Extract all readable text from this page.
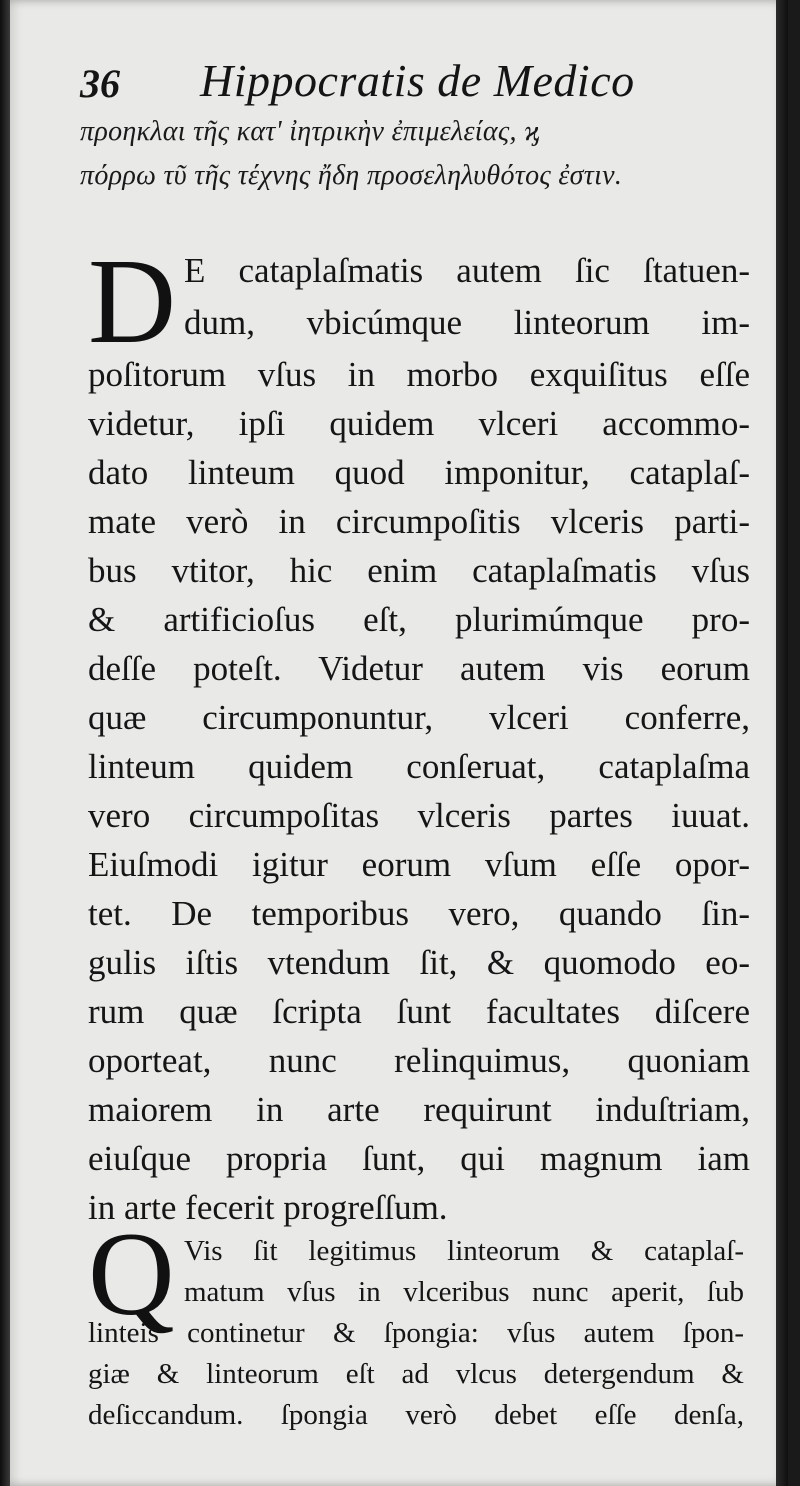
36 Hippocratis de Medico
προηκλαι τῆς κατ' ἰητρικὴν ἐπιμελείας, ϗ
πόρρω τῦ τῆς τέχνης ἤδη προσεληλυθότος ἐστιν.
D E cataplaſmatis autem ſic ſtatuen-
dum, vbicúmque linteorum im-
poſitorum vſus in morbo exquiſitus eſſe
videtur, ipſi quidem vlceri accommo-
dato linteum quod imponitur, cataplaſ-
mate verò in circumpoſitis vlceris parti-
bus vtitor, hic enim cataplaſmatis vſus
& artificioſus eſt, plurimúmque pro-
deſſe poteſt. Videtur autem vis eorum
quæ circumponuntur, vlceri conferre,
linteum quidem conſeruat, cataplaſma
vero circumpoſitas vlceris partes iuuat.
Eiuſmodi igitur eorum vſum eſſe opor-
tet. De temporibus vero, quando ſin-
gulis iſtis vtendum ſit, & quomodo eo-
rum quæ ſcripta ſunt facultates diſcere
oporteat, nunc relinquimus, quoniam
maiorem in arte requirunt induſtriam,
eiuſque propria ſunt, qui magnum iam
in arte fecerit progreſſum.
Q Vis ſit legitimus linteorum & cataplaſ-
matum vſus in vlceribus nunc aperit, ſub
linteis continetur & ſpongia: vſus autem ſpon-
giæ & linteorum eſt ad vlcus detergendum &
deſiccandum. ſpongia verò debet eſſe denſa,
